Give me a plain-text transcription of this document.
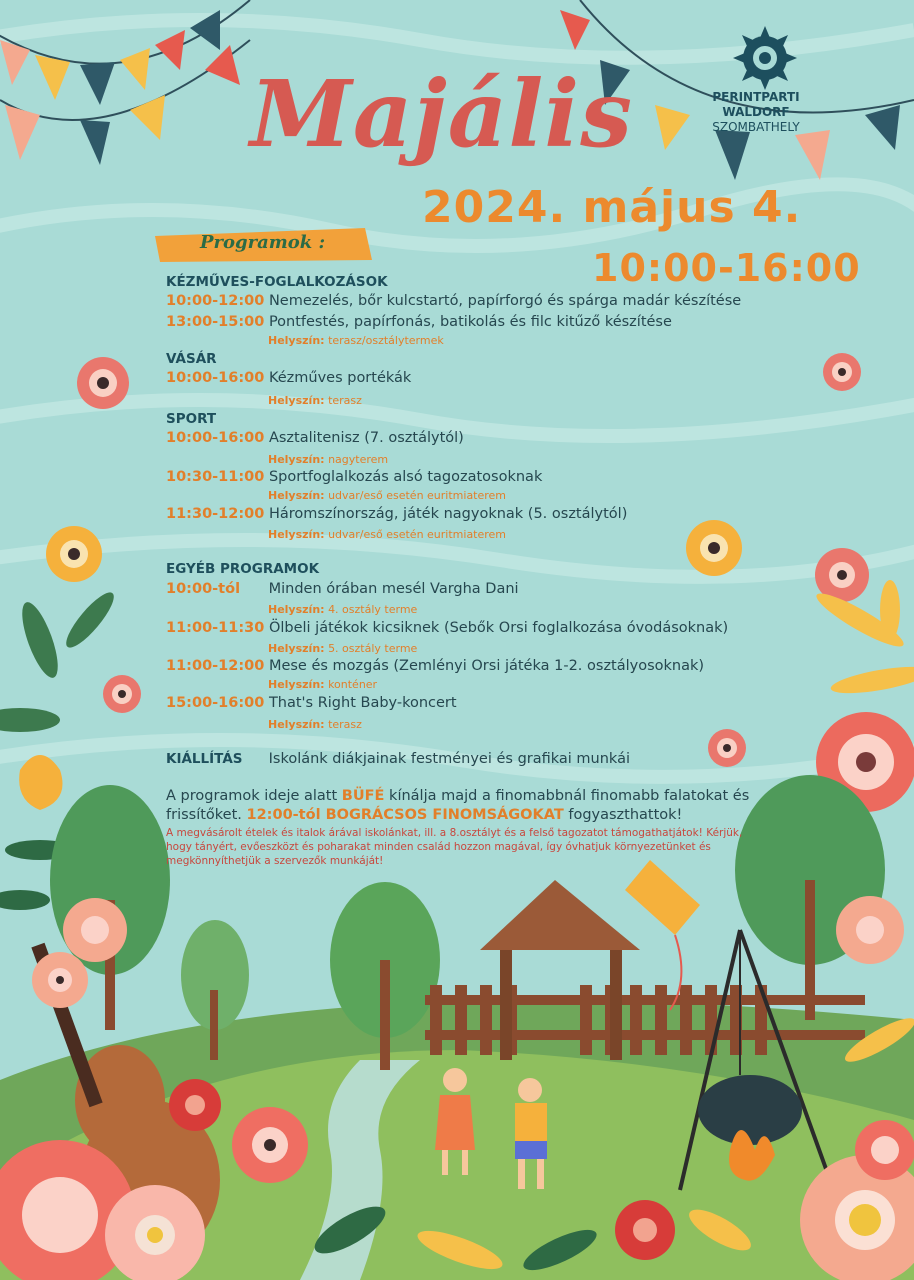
Majális
2024. május 4.
10:00-16:00
PERINTPARTI WALDORF
SZOMBATHELY
Programok :
KÉZMŰVES-FOGLALKOZÁSOK
10:00-12:00 Nemezelés, bőr kulcstartó, papírforgó és spárga madár készítése
13:00-15:00 Pontfestés, papírfonás, batikolás és filc kitűző készítése
Helyszín: terasz/osztálytermek
VÁSÁR
10:00-16:00 Kézműves portékák
Helyszín: terasz
SPORT
10:00-16:00 Asztalitenisz (7. osztálytól)
Helyszín: nagyterem
10:30-11:00 Sportfoglalkozás alsó tagozatosoknak
Helyszín: udvar/eső esetén euritmiaterem
11:30-12:00 Háromszínország, játék nagyoknak (5. osztálytól)
Helyszín: udvar/eső esetén euritmiaterem
EGYÉB PROGRAMOK
10:00-tól Minden órában mesél Vargha Dani
Helyszín: 4. osztály terme
11:00-11:30 Ölbeli játékok kicsiknek (Sebők Orsi foglalkozása óvodásoknak)
Helyszín: 5. osztály terme
11:00-12:00 Mese és mozgás (Zemlényi Orsi játéka 1-2. osztályosoknak)
Helyszín: konténer
15:00-16:00 That's Right Baby-koncert
Helyszín: terasz
KIÁLLÍTÁS Iskolánk diákjainak festményei és grafikai munkái
A programok ideje alatt BÜFÉ kínálja majd a finomabbnál finomabb falatokat és frissítőket. 12:00-tól BOGRÁCSOS FINOMSÁGOKAT fogyaszthattok!
A megvásárolt ételek és italok árával iskolánkat, ill. a 8.osztályt és a felső tagozatot támogathatjátok! Kérjük, hogy tányért, evőeszközt és poharakat minden család hozzon magával, így óvhatjuk környezetünket és megkönnyíthetjük a szervezők munkáját!
